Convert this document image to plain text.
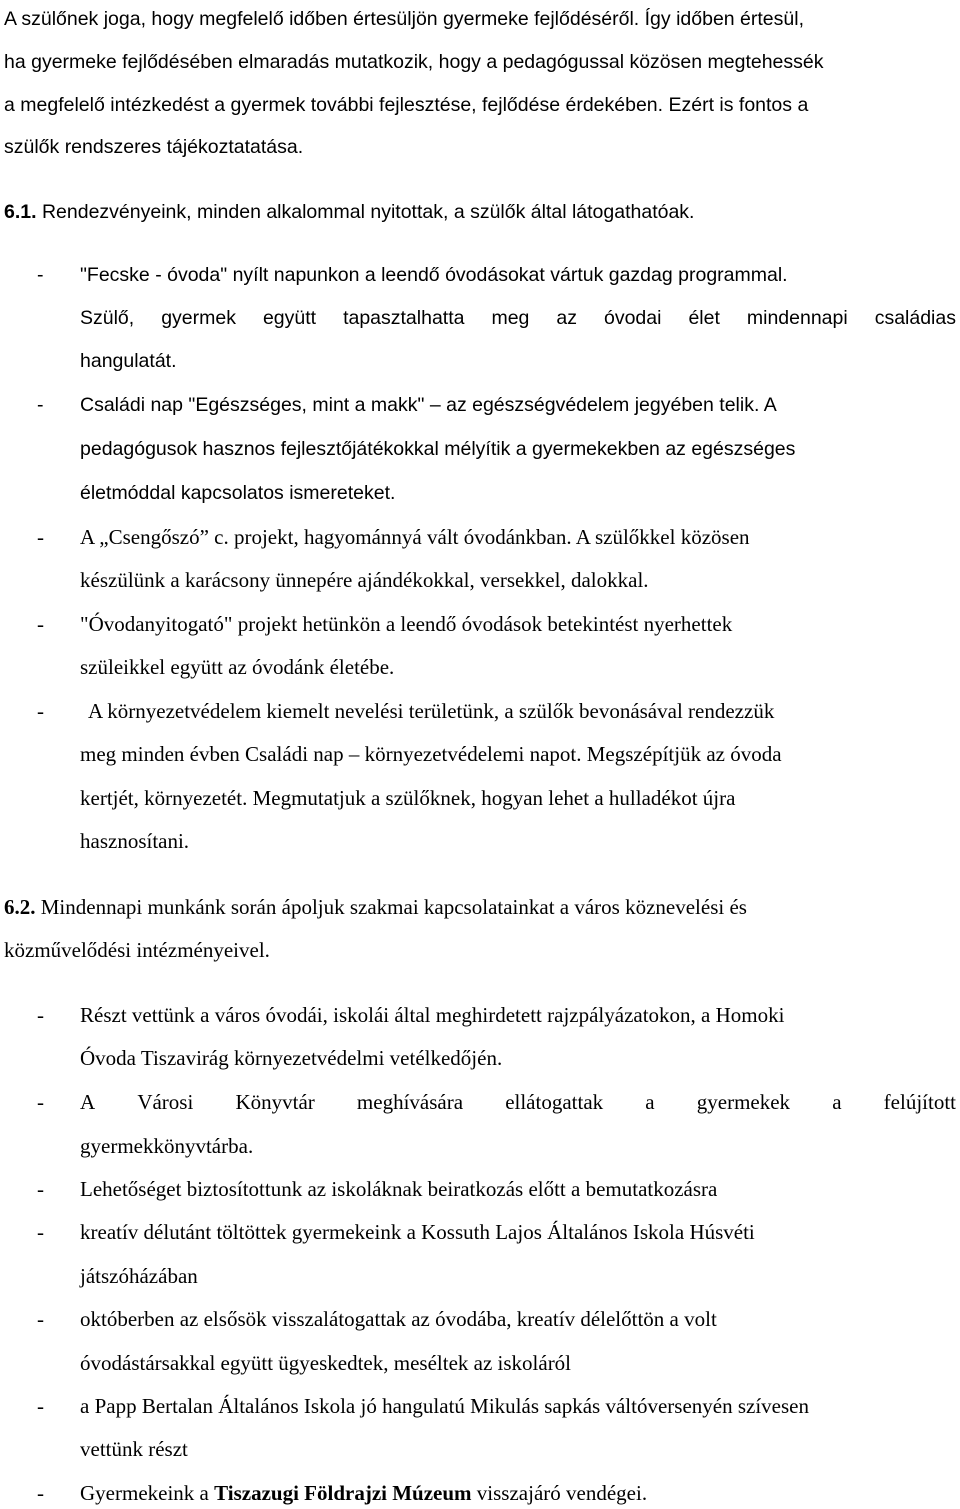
A szülőnek joga, hogy megfelelő időben értesüljön gyermeke fejlődéséről. Így időben értesül,
ha gyermeke fejlődésében elmaradás mutatkozik, hogy a pedagógussal közösen megtehessék
a megfelelő intézkedést a gyermek további fejlesztése, fejlődése érdekében. Ezért is fontos a
szülők rendszeres tájékoztatatása.
6.1. Rendezvényeink, minden alkalommal nyitottak, a szülők által látogathatóak.
- "Fecske - óvoda" nyílt napunkon a leendő óvodásokat vártuk gazdag programmal.
Szülő, gyermek együtt tapasztalhatta meg az óvodai élet mindennapi családias
hangulatát.
- Családi nap "Egészséges, mint a makk" – az egészségvédelem jegyében telik. A
pedagógusok hasznos fejlesztőjátékokkal mélyítik a gyermekekben az egészséges
életmóddal kapcsolatos ismereteket.
- A „Csengőszó” c. projekt, hagyománnyá vált óvodánkban. A szülőkkel közösen
készülünk a karácsony ünnepére ajándékokkal, versekkel, dalokkal.
- "Óvodanyitogató" projekt hetünkön a leendő óvodások betekintést nyerhettek
szüleikkel együtt az óvodánk életébe.
- A környezetvédelem kiemelt nevelési területünk, a szülők bevonásával rendezzük
meg minden évben Családi nap – környezetvédelemi napot. Megszépítjük az óvoda
kertjét, környezetét. Megmutatjuk a szülőknek, hogyan lehet a hulladékot újra
hasznosítani.
6.2. Mindennapi munkánk során ápoljuk szakmai kapcsolatainkat a város köznevelési és
közművelődési intézményeivel.
- Részt vettünk a város óvodái, iskolái által meghirdetett rajzpályázatokon, a Homoki
Óvoda Tiszavirág környezetvédelmi vetélkedőjén.
- A Városi Könyvtár meghívására ellátogattak a gyermekek a felújított
gyermekkönyvtárba.
- Lehetőséget biztosítottunk az iskoláknak beiratkozás előtt a bemutatkozásra
- kreatív délutánt töltöttek gyermekeink a Kossuth Lajos Általános Iskola Húsvéti
játszóházában
- októberben az elsősök visszalátogattak az óvodába, kreatív délelőttön a volt
óvodástársakkal együtt ügyeskedtek, meséltek az iskoláról
- a Papp Bertalan Általános Iskola jó hangulatú Mikulás sapkás váltóversenyén szívesen
vettünk részt
- Gyermekeink a Tiszazugi Földrajzi Múzeum visszajáró vendégei.
